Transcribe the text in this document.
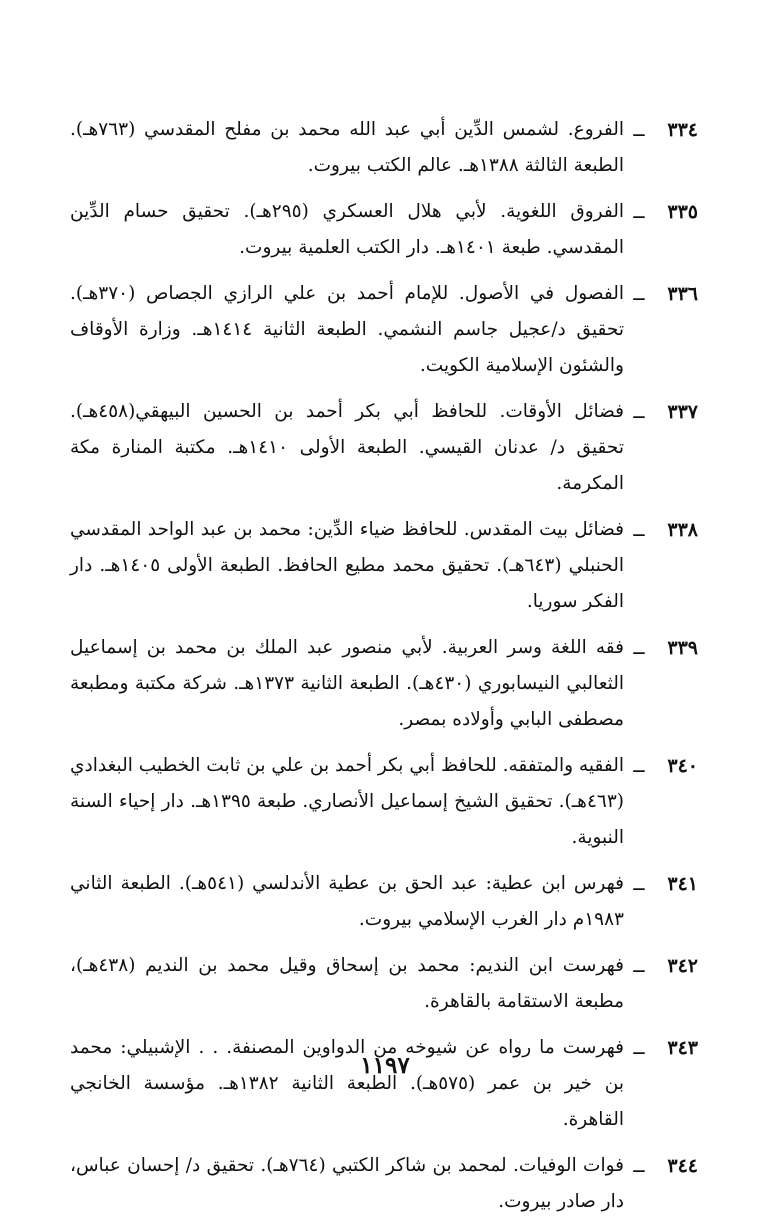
٣٣٤
ــ
الفروع. لشمس الدِّين أبي عبد الله محمد بن مفلح المقدسي (٧٦٣هـ). الطبعة الثالثة ١٣٨٨هـ. عالم الكتب بيروت.
٣٣٥
ــ
الفروق اللغوية. لأبي هلال العسكري (٢٩٥هـ). تحقيق حسام الدِّين المقدسي. طبعة ١٤٠١هـ. دار الكتب العلمية بيروت.
٣٣٦
ــ
الفصول في الأصول. للإمام أحمد بن علي الرازي الجصاص (٣٧٠هـ). تحقيق د/عجيل جاسم النشمي. الطبعة الثانية ١٤١٤هـ. وزارة الأوقاف والشئون الإسلامية الكويت.
٣٣٧
ــ
فضائل الأوقات. للحافظ أبي بكر أحمد بن الحسين البيهقي(٤٥٨هـ). تحقيق د/ عدنان القيسي. الطبعة الأولى ١٤١٠هـ. مكتبة المنارة مكة المكرمة.
٣٣٨
ــ
فضائل بيت المقدس. للحافظ ضياء الدِّين: محمد بن عبد الواحد المقدسي الحنبلي (٦٤٣هـ). تحقيق محمد مطيع الحافظ. الطبعة الأولى ١٤٠٥هـ. دار الفكر سوريا.
٣٣٩
ــ
فقه اللغة وسر العربية. لأبي منصور عبد الملك بن محمد بن إسماعيل الثعالبي النيسابوري (٤٣٠هـ). الطبعة الثانية ١٣٧٣هـ. شركة مكتبة ومطبعة مصطفى البابي وأولاده بمصر.
٣٤٠
ــ
الفقيه والمتفقه. للحافظ أبي بكر أحمد بن علي بن ثابت الخطيب البغدادي (٤٦٣هـ). تحقيق الشيخ إسماعيل الأنصاري. طبعة ١٣٩٥هـ. دار إحياء السنة النبوية.
٣٤١
ــ
فهرس ابن عطية: عبد الحق بن عطية الأندلسي (٥٤١هـ). الطبعة الثاني ١٩٨٣م دار الغرب الإسلامي بيروت.
٣٤٢
ــ
فهرست ابن النديم: محمد بن إسحاق وقيل محمد بن النديم (٤٣٨هـ)، مطبعة الاستقامة بالقاهرة.
٣٤٣
ــ
فهرست ما رواه عن شيوخه من الدواوين المصنفة. . . الإشبيلي: محمد بن خير بن عمر (٥٧٥هـ). الطبعة الثانية ١٣٨٢هـ. مؤسسة الخانجي القاهرة.
٣٤٤
ــ
فوات الوفيات. لمحمد بن شاكر الكتبي (٧٦٤هـ). تحقيق د/ إحسان عباس، دار صادر بيروت.
١١٩٧
